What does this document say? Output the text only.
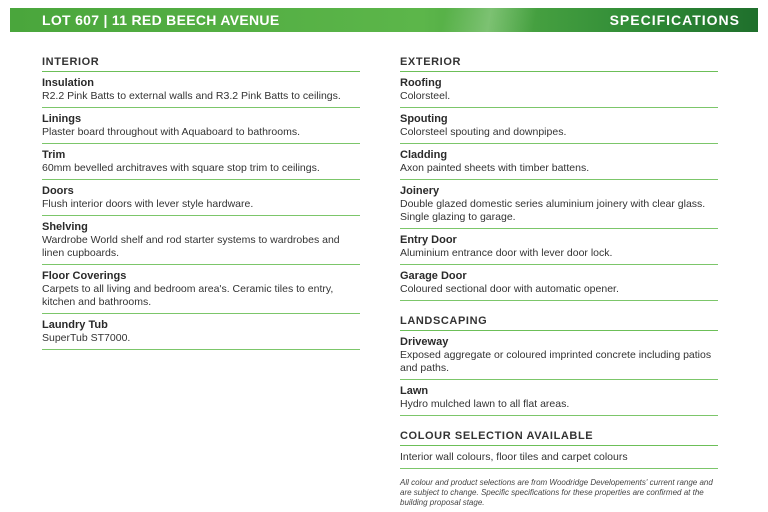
LOT 607 | 11 RED BEECH AVENUE	SPECIFICATIONS
INTERIOR
Insulation
R2.2 Pink Batts to external walls and R3.2 Pink Batts to ceilings.
Linings
Plaster board throughout with Aquaboard to bathrooms.
Trim
60mm bevelled architraves with square stop trim to ceilings.
Doors
Flush interior doors with lever style hardware.
Shelving
Wardrobe World shelf and rod starter systems to wardrobes and linen cupboards.
Floor Coverings
Carpets to all living and bedroom area's. Ceramic tiles to entry, kitchen and bathrooms.
Laundry Tub
SuperTub ST7000.
EXTERIOR
Roofing
Colorsteel.
Spouting
Colorsteel spouting and downpipes.
Cladding
Axon painted sheets with timber battens.
Joinery
Double glazed domestic series aluminium joinery with clear glass. Single glazing to garage.
Entry Door
Aluminium entrance door with lever door lock.
Garage Door
Coloured sectional door with automatic opener.
LANDSCAPING
Driveway
Exposed aggregate or coloured imprinted concrete including patios and paths.
Lawn
Hydro mulched lawn to all flat areas.
COLOUR SELECTION AVAILABLE
Interior wall colours, floor tiles and carpet colours
All colour and product selections are from Woodridge Developements' current range and are subject to change. Specific specifications for these properties are confirmed at the building proposal stage.
